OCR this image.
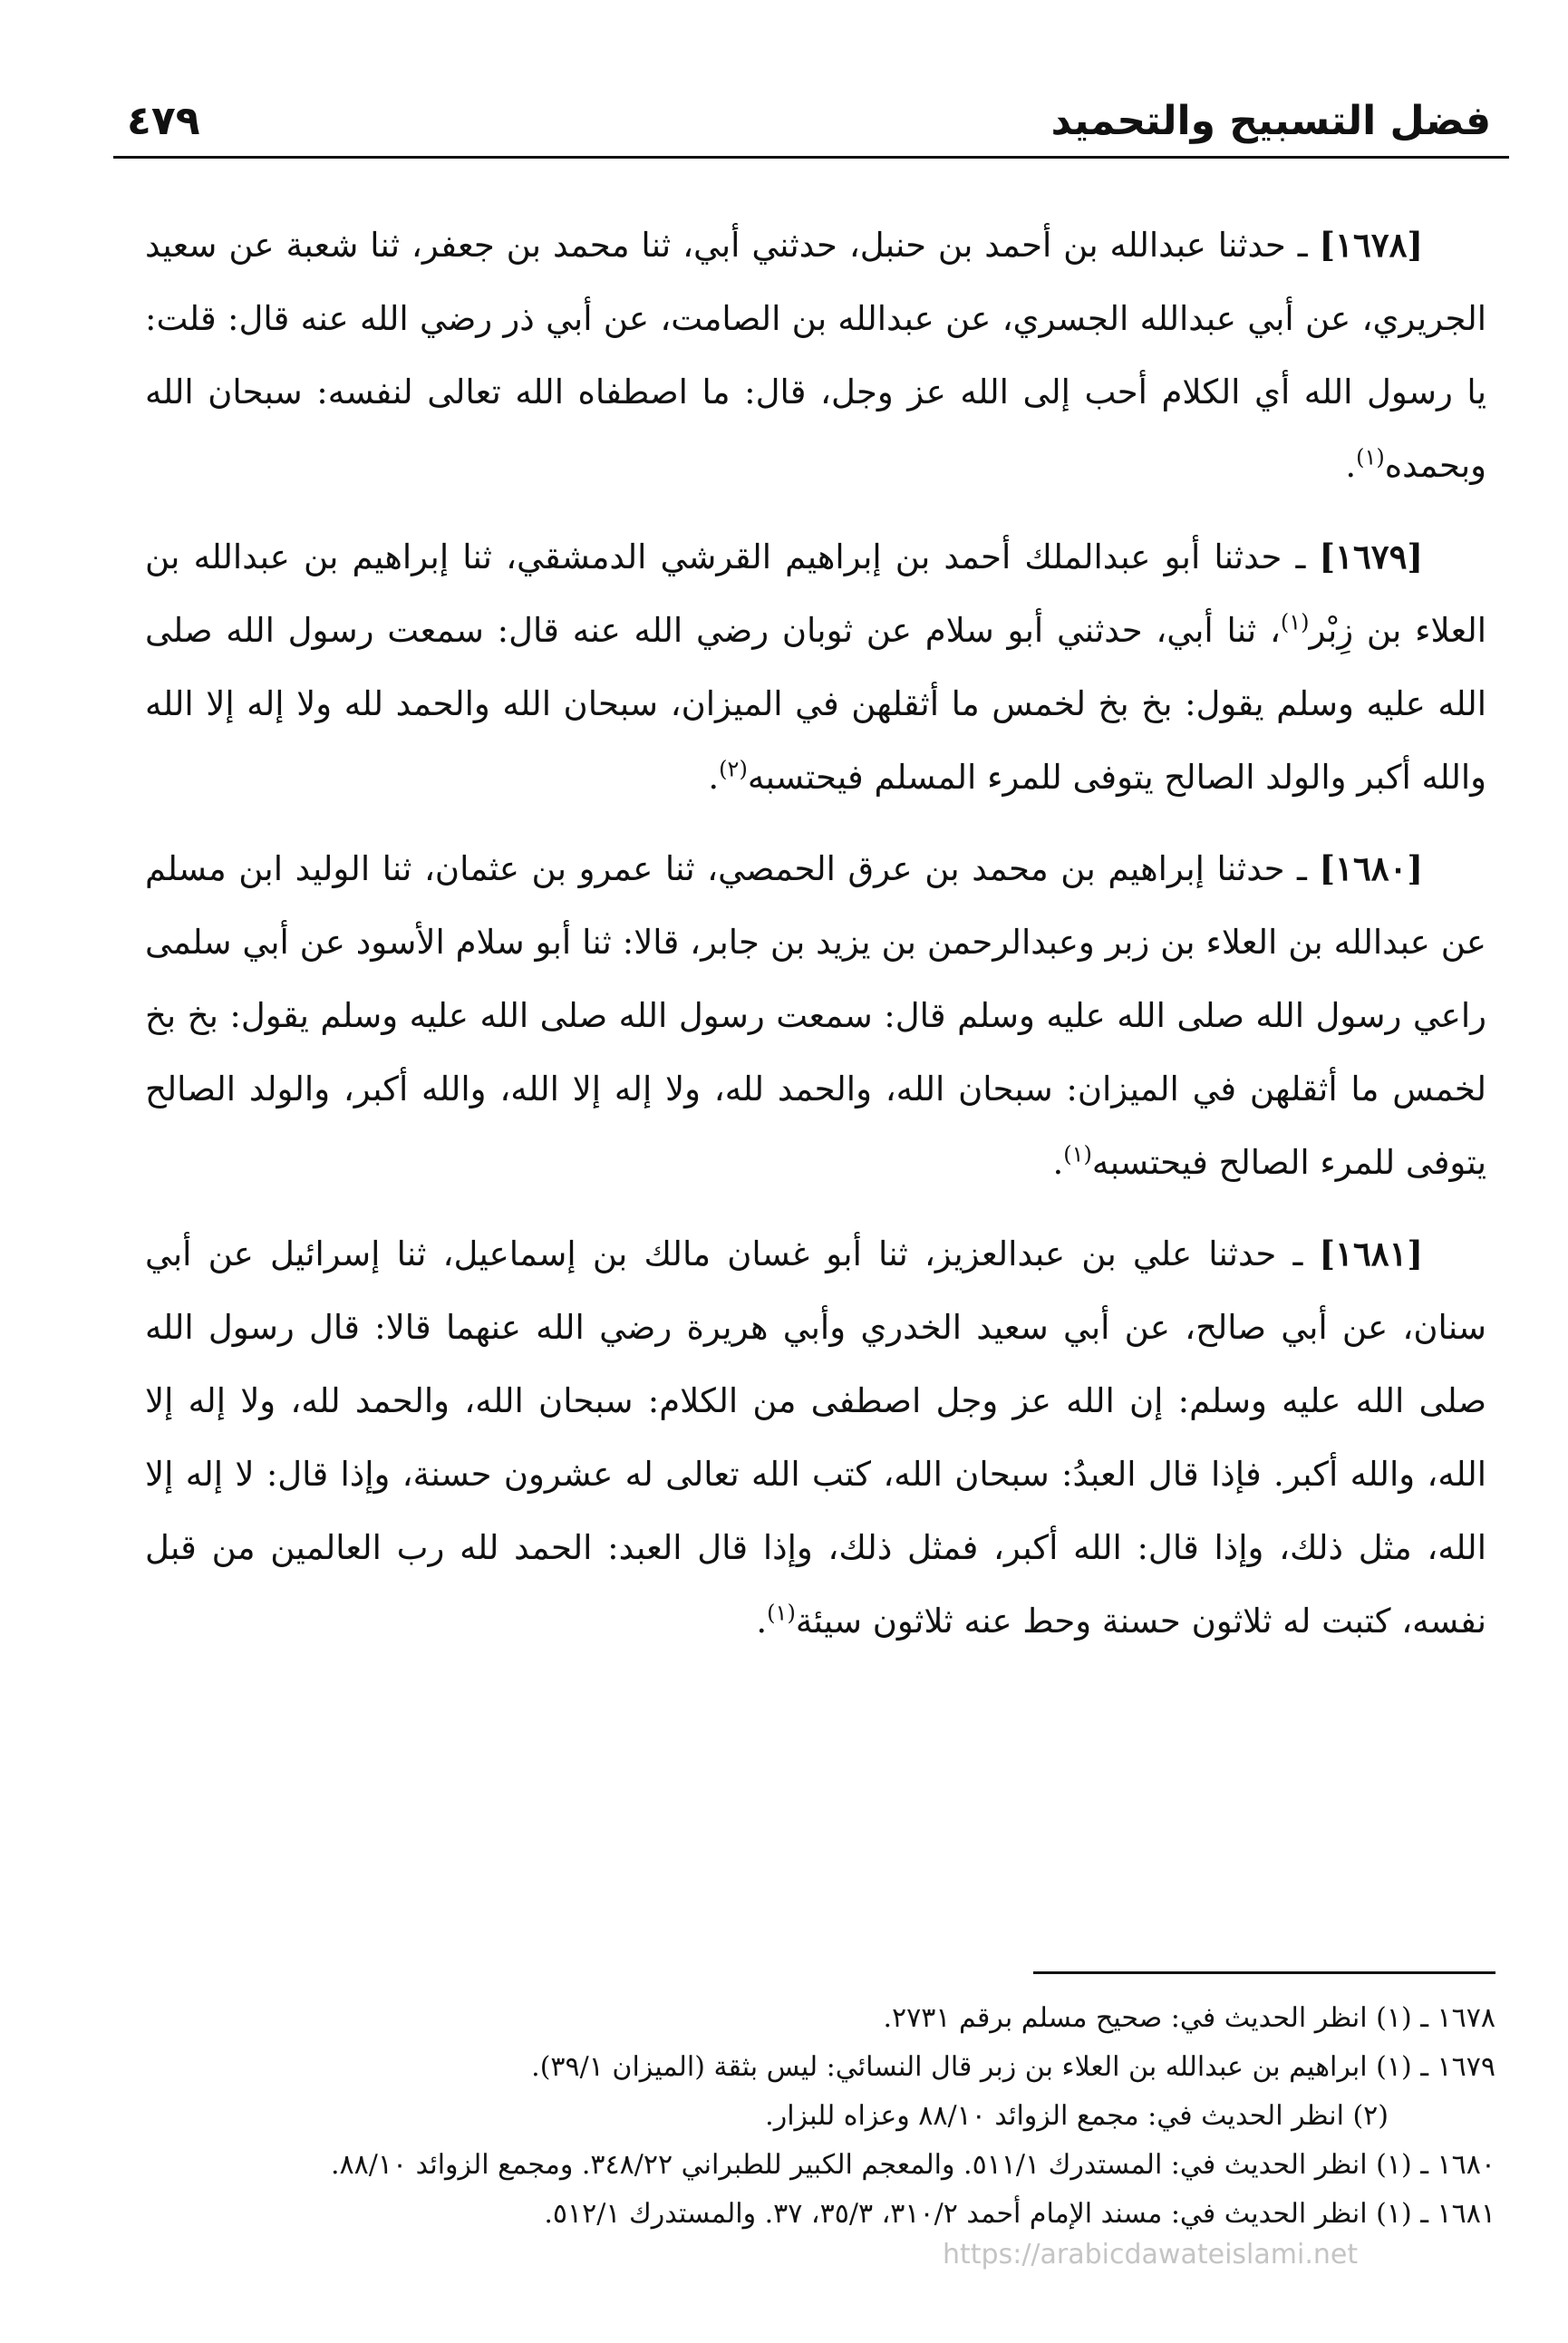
فضل التسبيح والتحميد
٤٧٩

[١٦٧٨] ـ حدثنا عبدالله بن أحمد بن حنبل، حدثني أبي، ثنا محمد بن جعفر، ثنا شعبة عن سعيد الجريري، عن أبي عبدالله الجسري، عن عبدالله بن الصامت، عن أبي ذر رضي الله عنه قال: قلت: يا رسول الله أي الكلام أحب إلى الله عز وجل، قال: ما اصطفاه الله تعالى لنفسه: سبحان الله وبحمده$^{(١)}$.

[١٦٧٩] ـ حدثنا أبو عبدالملك أحمد بن إبراهيم القرشي الدمشقي، ثنا إبراهيم بن عبدالله بن العلاء بن زِبْر$^{(١)}$، ثنا أبي، حدثني أبو سلام عن ثوبان رضي الله عنه قال: سمعت رسول الله صلى الله عليه وسلم يقول: بخ بخ لخمس ما أثقلهن في الميزان، سبحان الله والحمد لله ولا إله إلا الله والله أكبر والولد الصالح يتوفى للمرء المسلم فيحتسبه$^{(٢)}$.

[١٦٨٠] ـ حدثنا إبراهيم بن محمد بن عرق الحمصي، ثنا عمرو بن عثمان، ثنا الوليد ابن مسلم عن عبدالله بن العلاء بن زبر وعبدالرحمن بن يزيد بن جابر، قالا: ثنا أبو سلام الأسود عن أبي سلمى راعي رسول الله صلى الله عليه وسلم قال: سمعت رسول الله صلى الله عليه وسلم يقول: بخ بخ لخمس ما أثقلهن في الميزان: سبحان الله، والحمد لله، ولا إله إلا الله، والله أكبر، والولد الصالح يتوفى للمرء الصالح فيحتسبه$^{(١)}$.

[١٦٨١] ـ حدثنا علي بن عبدالعزيز، ثنا أبو غسان مالك بن إسماعيل، ثنا إسرائيل عن أبي سنان، عن أبي صالح، عن أبي سعيد الخدري وأبي هريرة رضي الله عنهما قالا: قال رسول الله صلى الله عليه وسلم: إن الله عز وجل اصطفى من الكلام: سبحان الله، والحمد لله، ولا إله إلا الله، والله أكبر. فإذا قال العبدُ: سبحان الله، كتب الله تعالى له عشرون حسنة، وإذا قال: لا إله إلا الله، مثل ذلك، وإذا قال: الله أكبر، فمثل ذلك، وإذا قال العبد: الحمد لله رب العالمين من قبل نفسه، كتبت له ثلاثون حسنة وحط عنه ثلاثون سيئة$^{(١)}$.

١٦٧٨ ـ (١) انظر الحديث في: صحيح مسلم برقم ٢٧٣١.

١٦٧٩ ـ (١) ابراهيم بن عبدالله بن العلاء بن زبر قال النسائي: ليس بثقة (الميزان ٣٩/١).

(٢) انظر الحديث في: مجمع الزوائد ٨٨/١٠ وعزاه للبزار.

١٦٨٠ ـ (١) انظر الحديث في: المستدرك ٥١١/١. والمعجم الكبير للطبراني ٣٤٨/٢٢. ومجمع الزوائد ٨٨/١٠.

١٦٨١ ـ (١) انظر الحديث في: مسند الإمام أحمد ٣١٠/٢، ٣٥/٣، ٣٧. والمستدرك ٥١٢/١.

https://arabicdawateislami.net
